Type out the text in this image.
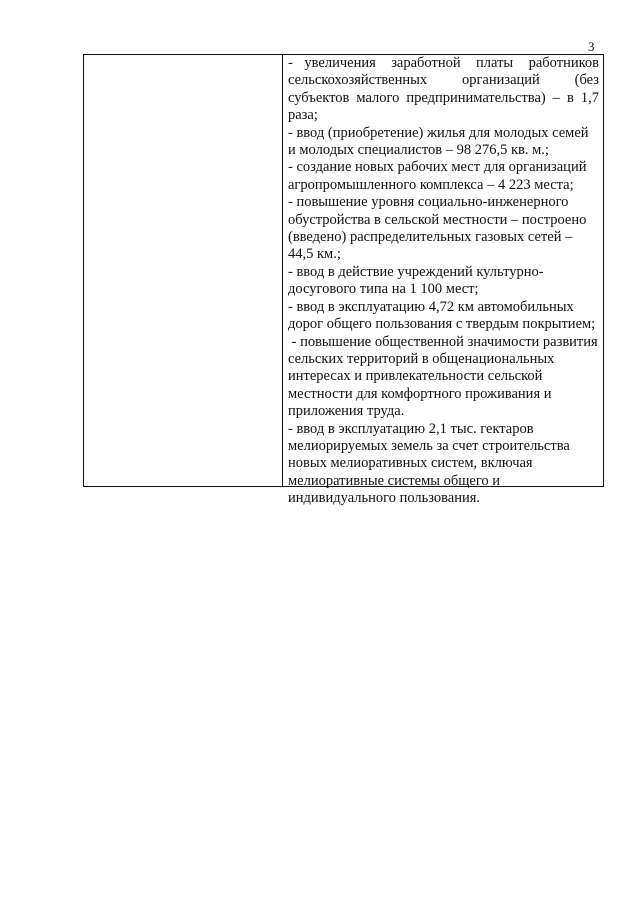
3

-   увеличения    заработной    платы    работников сельскохозяйственных организаций (без субъектов малого предпринимательства) – в 1,7 раза;

- ввод (приобретение) жилья для молодых семей и молодых специалистов – 98 276,5 кв. м.;

- создание новых рабочих мест для организаций агропромышленного комплекса – 4 223 места;

- повышение уровня социально-инженерного обустройства в сельской местности – построено (введено) распределительных газовых сетей – 44,5 км.;

- ввод в действие учреждений культурно-досугового типа на 1 100 мест;

- ввод в эксплуатацию 4,72 км автомобильных дорог общего пользования с твердым покрытием;

- повышение общественной значимости развития сельских территорий в общенациональных интересах и привлекательности сельской местности для комфортного проживания и приложения труда.

- ввод в эксплуатацию 2,1 тыс. гектаров мелиорируемых земель за счет строительства новых мелиоративных систем, включая мелиоративные системы общего и индивидуального пользования.
